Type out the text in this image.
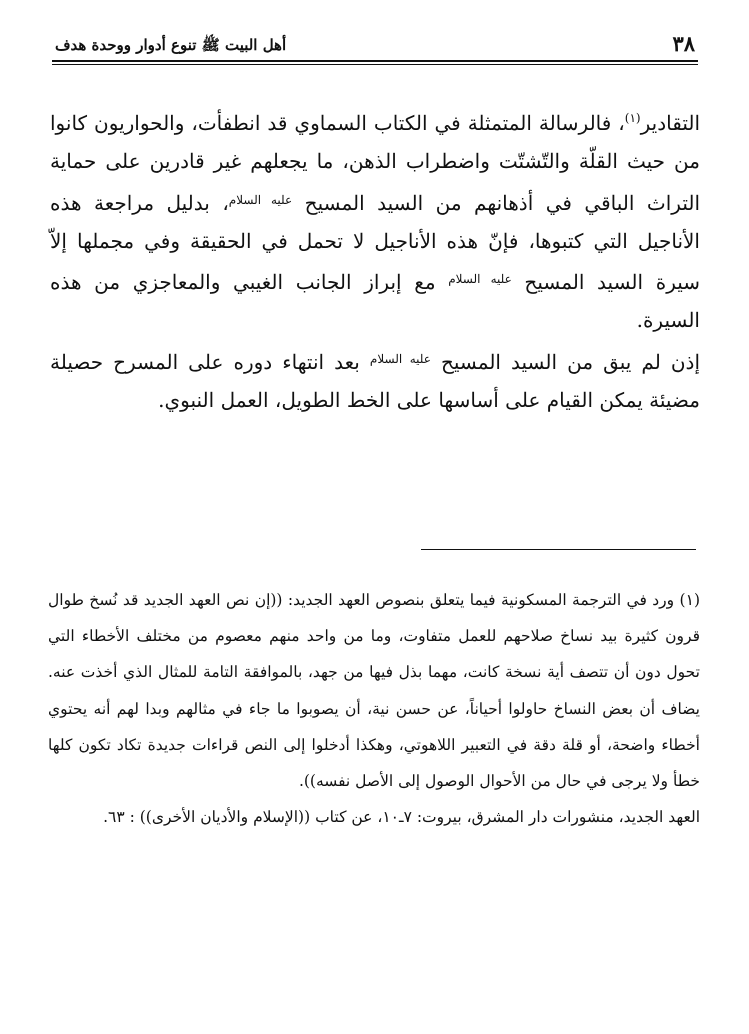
٣٨
أهل البيت ﷺ تنوع أدوار ووحدة هدف

التقادير$^{(١)}$، فالرسالة المتمثلة في الكتاب السماوي قد انطفأت، والحواريون كانوا من حيث القلّة والتّشتّت واضطراب الذهن، ما يجعلهم غير قادرين على حماية التراث الباقي في أذهانهم من السيد المسيح $^{عليه السلام}$، بدليل مراجعة هذه الأناجيل التي كتبوها، فإنّ هذه الأناجيل لا تحمل في الحقيقة وفي مجملها إلاّ سيرة السيد المسيح $^{عليه السلام}$ مع إبراز الجانب الغيبي والمعاجزي من هذه السيرة.

إذن لم يبق من السيد المسيح $^{عليه السلام}$ بعد انتهاء دوره على المسرح حصيلة مضيئة يمكن القيام على أساسها على الخط الطويل، العمل النبوي.

(١) ورد في الترجمة المسكونية فيما يتعلق بنصوص العهد الجديد: ((إن نص العهد الجديد قد نُسخ طوال قرون كثيرة بيد نساخ صلاحهم للعمل متفاوت، وما من واحد منهم معصوم من مختلف الأخطاء التي تحول دون أن تتصف أية نسخة كانت، مهما بذل فيها من جهد، بالموافقة التامة للمثال الذي أخذت عنه. يضاف أن بعض النساخ حاولوا أحياناً، عن حسن نية، أن يصوبوا ما جاء في مثالهم وبدا لهم أنه يحتوي أخطاء واضحة، أو قلة دقة في التعبير اللاهوتي، وهكذا أدخلوا إلى النص قراءات جديدة تكاد تكون كلها خطأ ولا يرجى في حال من الأحوال الوصول إلى الأصل نفسه)).

العهد الجديد، منشورات دار المشرق، بيروت: ٧ـ١٠، عن كتاب ((الإسلام والأديان الأخرى)) : ٦٣.
